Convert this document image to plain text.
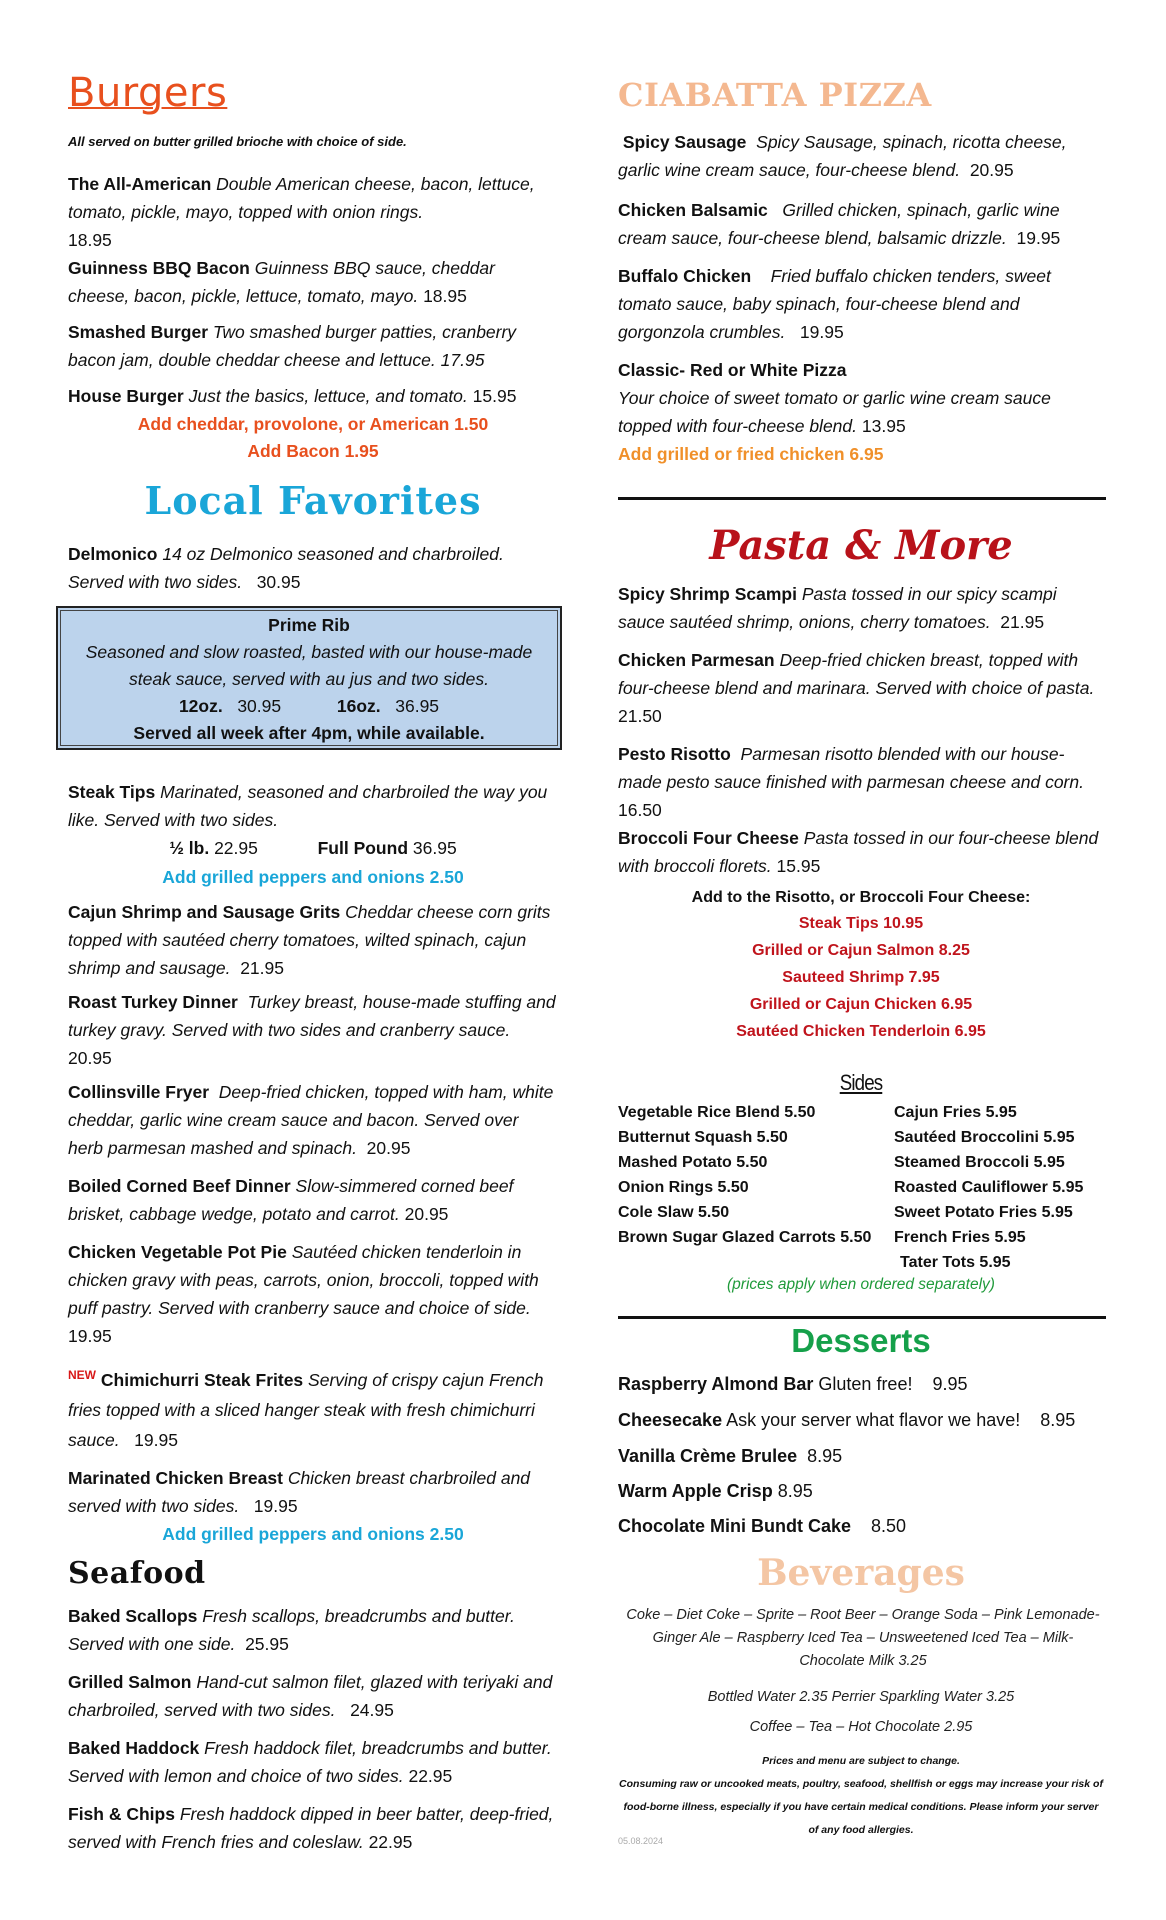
Burgers
All served on butter grilled brioche with choice of side.
The All-American Double American cheese, bacon, lettuce, tomato, pickle, mayo, topped with onion rings.
18.95
Guinness BBQ Bacon Guinness BBQ sauce, cheddar cheese, bacon, pickle, lettuce, tomato, mayo. 18.95
Smashed Burger Two smashed burger patties, cranberry bacon jam, double cheddar cheese and lettuce. 17.95
House Burger Just the basics, lettuce, and tomato. 15.95
Add cheddar, provolone, or American 1.50
Add Bacon 1.95
Local Favorites
Delmonico 14 oz Delmonico seasoned and charbroiled. Served with two sides. 30.95
Prime Rib
Seasoned and slow roasted, basted with our house-made steak sauce, served with au jus and two sides.
12oz. 30.95	16oz. 36.95
Served all week after 4pm, while available.
Steak Tips Marinated, seasoned and charbroiled the way you like. Served with two sides.
½ lb. 22.95	Full Pound 36.95
Add grilled peppers and onions 2.50
Cajun Shrimp and Sausage Grits Cheddar cheese corn grits topped with sautéed cherry tomatoes, wilted spinach, cajun shrimp and sausage. 21.95
Roast Turkey Dinner Turkey breast, house-made stuffing and turkey gravy. Served with two sides and cranberry sauce.  20.95
Collinsville Fryer Deep-fried chicken, topped with ham, white cheddar, garlic wine cream sauce and bacon. Served over herb parmesan mashed and spinach. 20.95
Boiled Corned Beef Dinner Slow-simmered corned beef brisket, cabbage wedge, potato and carrot. 20.95
Chicken Vegetable Pot Pie Sautéed chicken tenderloin in chicken gravy with peas, carrots, onion, broccoli, topped with puff pastry. Served with cranberry sauce and choice of side.   19.95
$^{NEW}$ Chimichurri Steak Frites Serving of crispy cajun French fries topped with a sliced hanger steak with fresh chimichurri sauce. 19.95
Marinated Chicken Breast Chicken breast charbroiled and served with two sides. 19.95
Add grilled peppers and onions 2.50
Seafood
Baked Scallops Fresh scallops, breadcrumbs and butter. Served with one side. 25.95
Grilled Salmon Hand-cut salmon filet, glazed with teriyaki and charbroiled, served with two sides. 24.95
Baked Haddock Fresh haddock filet, breadcrumbs and butter. Served with lemon and choice of two sides. 22.95
Fish & Chips Fresh haddock dipped in beer batter, deep-fried, served with French fries and coleslaw. 22.95
CIABATTA PIZZA
Spicy Sausage Spicy Sausage, spinach, ricotta cheese, garlic wine cream sauce, four-cheese blend. 20.95
Chicken Balsamic Grilled chicken, spinach, garlic wine cream sauce, four-cheese blend, balsamic drizzle. 19.95
Buffalo Chicken Fried buffalo chicken tenders, sweet tomato sauce, baby spinach, four-cheese blend and gorgonzola crumbles. 19.95
Classic- Red or White Pizza
Your choice of sweet tomato or garlic wine cream sauce topped with four-cheese blend. 13.95
Add grilled or fried chicken 6.95
Pasta & More
Spicy Shrimp Scampi Pasta tossed in our spicy scampi sauce sautéed shrimp, onions, cherry tomatoes. 21.95
Chicken Parmesan Deep-fried chicken breast, topped with four-cheese blend and marinara. Served with choice of pasta. 21.50
Pesto Risotto Parmesan risotto blended with our house-made pesto sauce finished with parmesan cheese and corn.  16.50
Broccoli Four Cheese Pasta tossed in our four-cheese blend with broccoli florets. 15.95
Add to the Risotto, or Broccoli Four Cheese:
Steak Tips 10.95
Grilled or Cajun Salmon 8.25
Sauteed Shrimp 7.95
Grilled or Cajun Chicken 6.95
Sautéed Chicken Tenderloin 6.95
Sides
Vegetable Rice Blend 5.50
Butternut Squash 5.50
Mashed Potato 5.50
Onion Rings 5.50
Cole Slaw 5.50
Brown Sugar Glazed Carrots 5.50
Cajun Fries 5.95
Sautéed Broccolini 5.95
Steamed Broccoli 5.95
Roasted Cauliflower 5.95
Sweet Potato Fries 5.95
French Fries 5.95
Tater Tots 5.95
(prices apply when ordered separately)
Desserts
Raspberry Almond Bar Gluten free! 9.95
Cheesecake Ask your server what flavor we have! 8.95
Vanilla Crème Brulee 8.95
Warm Apple Crisp 8.95
Chocolate Mini Bundt Cake 8.50
Beverages
Coke – Diet Coke – Sprite – Root Beer – Orange Soda – Pink Lemonade- Ginger Ale – Raspberry Iced Tea – Unsweetened Iced Tea – Milk- Chocolate Milk 3.25
Bottled Water 2.35 Perrier Sparkling Water 3.25
Coffee – Tea – Hot Chocolate 2.95
Prices and menu are subject to change.
Consuming raw or uncooked meats, poultry, seafood, shellfish or eggs may increase your risk of food-borne illness, especially if you have certain medical conditions. Please inform your server of any food allergies.
05.08.2024
